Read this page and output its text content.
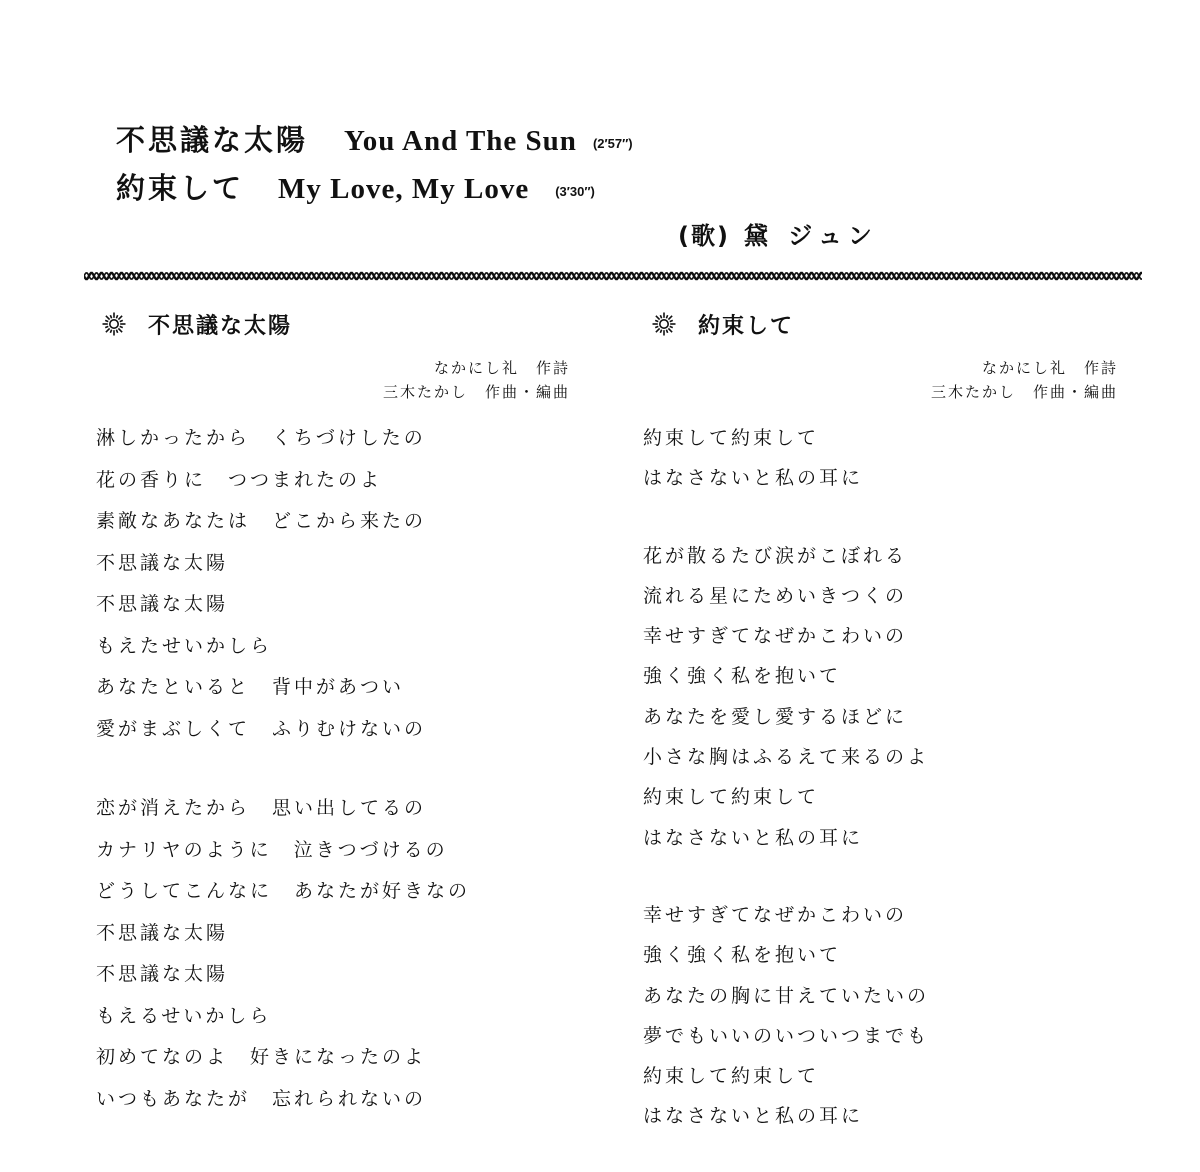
不思議な太陽 You And The Sun (2′57″)
約束して My Love, My Love (3′30″)
(歌) 黛 ジュン
不思議な太陽
なかにし礼　作詩
三木たかし　作曲・編曲
淋しかったから　くちづけしたの
花の香りに　つつまれたのよ
素敵なあなたは　どこから来たの
不思議な太陽
不思議な太陽
もえたせいかしら
あなたといると　背中があつい
愛がまぶしくて　ふりむけないの
恋が消えたから　思い出してるの
カナリヤのように　泣きつづけるの
どうしてこんなに　あなたが好きなの
不思議な太陽
不思議な太陽
もえるせいかしら
初めてなのよ　好きになったのよ
いつもあなたが　忘れられないの
約束して
なかにし礼　作詩
三木たかし　作曲・編曲
約束して約束して
はなさないと私の耳に
花が散るたび涙がこぼれる
流れる星にためいきつくの
幸せすぎてなぜかこわいの
強く強く私を抱いて
あなたを愛し愛するほどに
小さな胸はふるえて来るのよ
約束して約束して
はなさないと私の耳に
幸せすぎてなぜかこわいの
強く強く私を抱いて
あなたの胸に甘えていたいの
夢でもいいのいついつまでも
約束して約束して
はなさないと私の耳に
